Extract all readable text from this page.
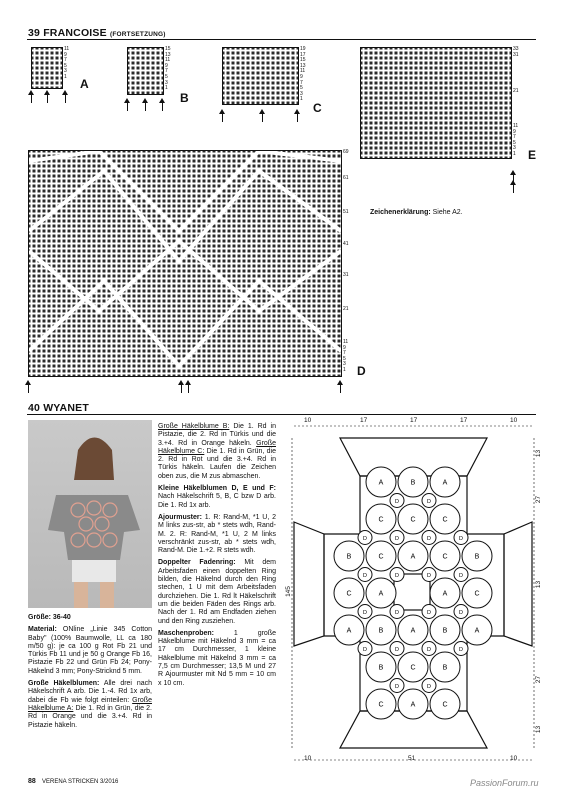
39 FRANCOISE (FORTSETZUNG)
11
9
7
5
3
1
A
15
13
11
9
7
5
3
1
B
19
17
15
13
11
9
7
5
3
1
C
33
31
21
11
9
7
5
3
1 E
Zeichenerklärung: Siehe A2.
69
61
51
41
31
21
11
9
7
5
3
1 D
40 WYANET

Größe: 36-40

Material: ONline „Linie 345 Cotton Baby" (100% Baumwolle, LL ca 180 m/50 g): je ca 100 g Rot Fb 21 und Türkis Fb 11 und je 50 g Orange Fb 16, Pistazie Fb 22 und Grün Fb 24; Pony-Häkelnd 3 mm; Pony-Stricknd 5 mm.

Große Häkelblumen: Alle drei nach Häkelschrift A arb. Die 1.-4. Rd 1x arb, dabei die Fb wie folgt einteilen: Große Häkelblume A: Die 1. Rd in Grün, die 2. Rd in Orange und die 3.+4. Rd in Pistazie häkeln.

Große Häkelblume B: Die 1. Rd in Pistazie, die 2. Rd in Türkis und die 3.+4. Rd in Orange häkeln. Große Häkelblume C: Die 1. Rd in Grün, die 2. Rd in Rot und die 3.+4. Rd in Türkis häkeln. Laufen die Zeichen oben zus, die M zus abmaschen.

Kleine Häkelblumen D, E und F: Nach Häkelschrift 5, B, C bzw D arb. Die 1. Rd 1x arb.

Ajourmuster: 1. R: Rand-M, *1 U, 2 M links zus-str, ab * stets wdh, Rand-M. 2. R: Rand-M, *1 U, 2 M links verschränkt zus-str, ab * stets wdh, Rand-M. Die 1.+2. R stets wdh.

Doppelter Fadenring: Mit dem Arbeitsfaden einen doppelten Ring bilden, die Häkelnd durch den Ring stechen, 1 U mit dem Arbeitsfaden durchziehen. Die 1. Rd lt Häkelschrift um die beiden Fäden des Rings arb. Nach der 1. Rd am Endfaden ziehen und den Ring zusziehen.

Maschenproben:	1 große Häkelblume mit Häkelnd 3 mm = ca 17 cm Durchmesser, 1 kleine Häkelblume mit Häkelnd 3 mm = ca 7,5 cm Durchmesser; 13,5 M und 27 R Ajourmuster mit Nd 5 mm = 10 cm x 10 cm.

A	B	A
D	D
C	C	C
D	D	D	D
B	C	A	C	B
D	D	D	D
C	A	A	C
D	D	D	D
A	B	A	B	A
D	D	D	D
B	C	B
D	D
C	A	C
10	17	17	17	10
10	51	10
145
13
27
13
27
13
88 VERENA STRICKEN 3/2016	PassionForum.ru
